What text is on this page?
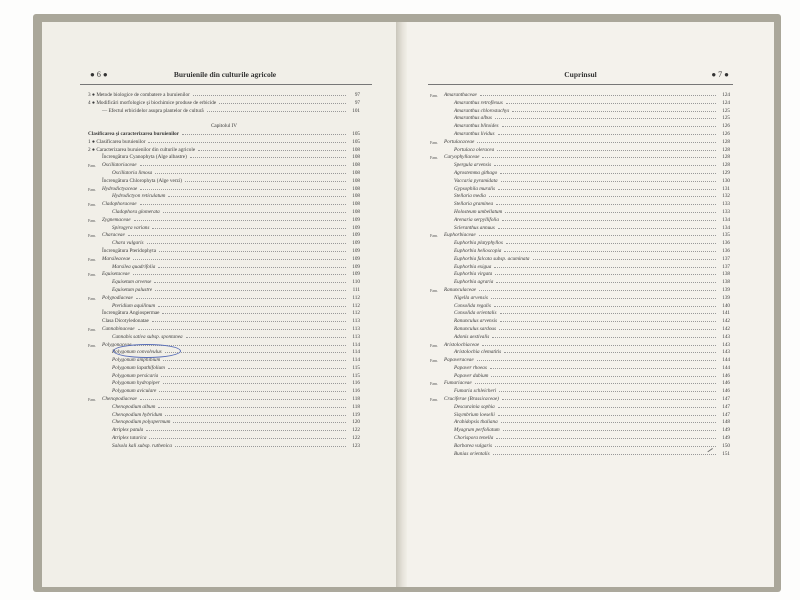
● 6 ●	Buruienile din culturile agricole	Cuprinsul	● 7 ●
3 ● Metode biologice de combatere a buruienilor	97
4 ● Modificări morfologice şi biochimice produse de erbicide	97
— Efectul erbicidelor asupra plantelor de cultură	101
Capitolul IV
Clasificarea şi caracterizarea buruienilor	105
1 ● Clasificarea buruienilor	105
2 ● Caracterizarea buruienilor din culturile agricole	108
Încrengătura Cyanophyta (Alge albastre)	108
Fam. Oscillatoriaceae	108
Oscillatoria limosa	108
Încrengătura Chlorophyta (Alge verzi)	108
Fam. Hydrodictyaceae	108
Hydrodictyon reticulatum	108
Fam. Cladophoraceae	108
Cladophora glomerata	108
Fam. Zygnemaceae	109
Spirogyra varians	109
Fam. Characeae	109
Chara vulgaris	109
Încrengătura Pteridophyta	109
Fam. Marsileaceae	109
Marsilea quadrifolia	109
Fam. Equisetaceae	109
Equisetum arvense	110
Equisetum palustre	111
Fam. Polypodiaceae	112
Pteridium aquilinum	112
Încrengătura Angiospermae	112
Clasa Dicotyledonatae	113
Fam. Cannabinaceae	113
Cannabis sativa subsp. spontanea	113
Fam. Polygonaceae	114
Polygonum convolvulus	114
Polygonum amphibium	114
Polygonum lapathifolium	115
Polygonum persicaria	115
Polygonum hydropiper	116
Polygonum aviculare	116
Fam. Chenopodiaceae	118
Chenopodium album	118
Chenopodium hybridum	119
Chenopodium polyspermum	120
Atriplex patula	122
Atriplex tatarica	122
Salsola kali subsp. ruthenica	123
Fam. Amaranthaceae	124
Amaranthus retroflexus	124
Amaranthus chlorostachys	125
Amaranthus albus	125
Amaranthus blitoides	126
Amaranthus lividus	126
Fam. Portulacaceae	128
Portulaca oleracea	128
Fam. Caryophyllaceae	128
Spergula arvensis	128
Agrostemma githago	129
Vaccaria pyramidata	130
Gypsophila muralis	131
Stellaria media	132
Stellaria graminea	133
Holosteum umbellatum	133
Arenaria serpyllifolia	134
Scleranthus annuus	134
Fam. Euphorbiaceae	135
Euphorbia platyphyllos	136
Euphorbia helioscopia	136
Euphorbia falcata subsp. acuminata	137
Euphorbia exigua	137
Euphorbia virgata	138
Euphorbia agraria	138
Fam. Ranunculaceae	139
Nigella arvensis	139
Consolida regalis	140
Consolida orientalis	141
Ranunculus arvensis	142
Ranunculus sardous	142
Adonis aestivalis	143
Fam. Aristolochiaceae	143
Aristolochia clematitis	143
Fam. Papaveraceae	144
Papaver rhoeas	144
Papaver dubium	146
Fam. Fumariaceae	146
Fumaria schleicheri	146
Fam. Cruciferae (Brassicaceae)	147
Descurainia sophia	147
Sisymbrium loeselii	147
Arabidopsis thaliana	148
Myagrum perfoliatum	149
Chorispora tenella	149
Barbarea vulgaris	150
Bunias orientalis	151
